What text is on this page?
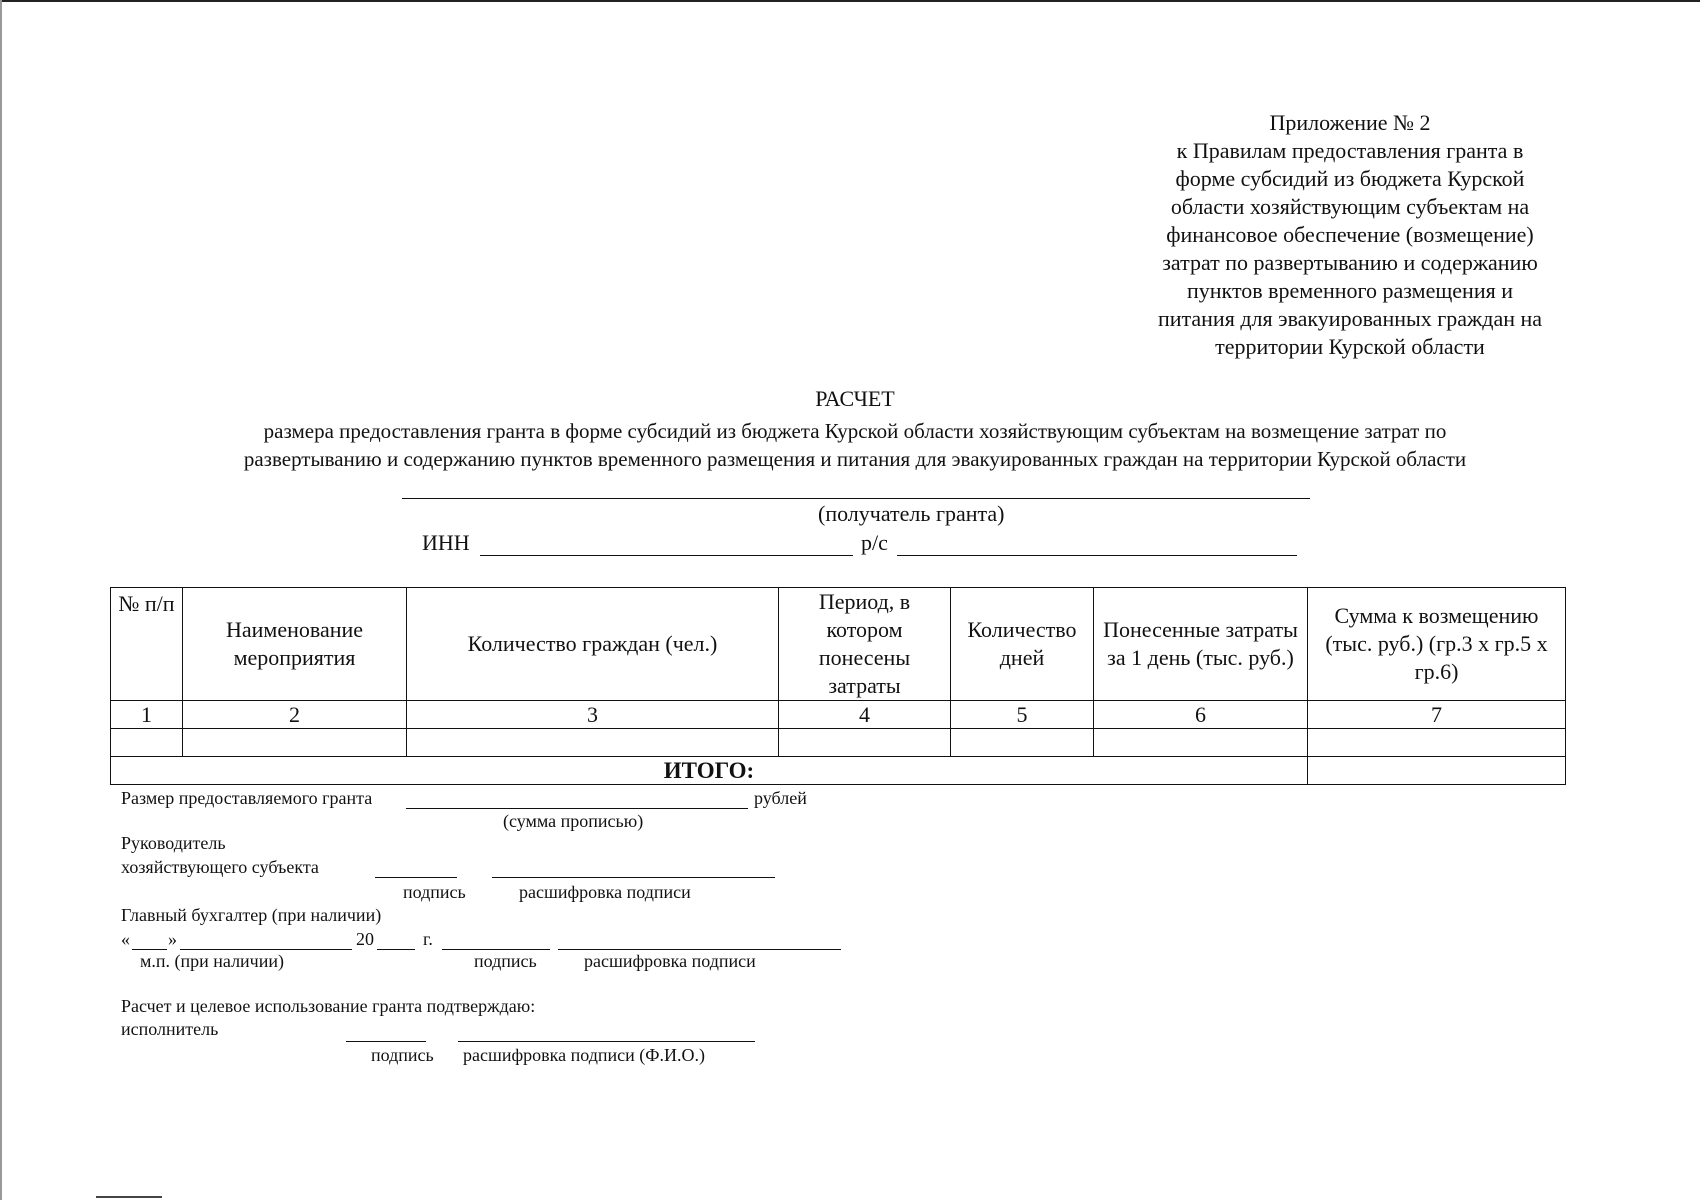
Приложение № 2
к Правилам предоставления гранта в
форме субсидий из бюджета Курской
области хозяйствующим субъектам на
финансовое обеспечение (возмещение)
затрат по развертыванию и содержанию
пунктов временного размещения и
питания для эвакуированных граждан на
территории Курской области
РАСЧЕТ
размера предоставления гранта в форме субсидий из бюджета Курской области хозяйствующим субъектам на возмещение затрат по
развертыванию и содержанию пунктов временного размещения и питания для эвакуированных граждан на территории Курской области
(получатель гранта)
ИНН	р/с
№ п/п	Наименование мероприятия	Количество граждан (чел.)	Период, в котором понесены затраты	Количество дней	Понесенные затраты за 1 день (тыс. руб.)	Сумма к возмещению (тыс. руб.) (гр.3 х гр.5 х гр.6)
1	2	3	4	5	6	7

ИТОГО:						
Размер предоставляемого гранта	рублей
(сумма прописью)
Руководитель
хозяйствующего субъекта
подпись	расшифровка подписи
Главный бухгалтер (при наличии)
« »	20	г.
м.п. (при наличии)	подпись	расшифровка подписи
Расчет и целевое использование гранта подтверждаю:
исполнитель
подпись расшифровка подписи (Ф.И.О.)
